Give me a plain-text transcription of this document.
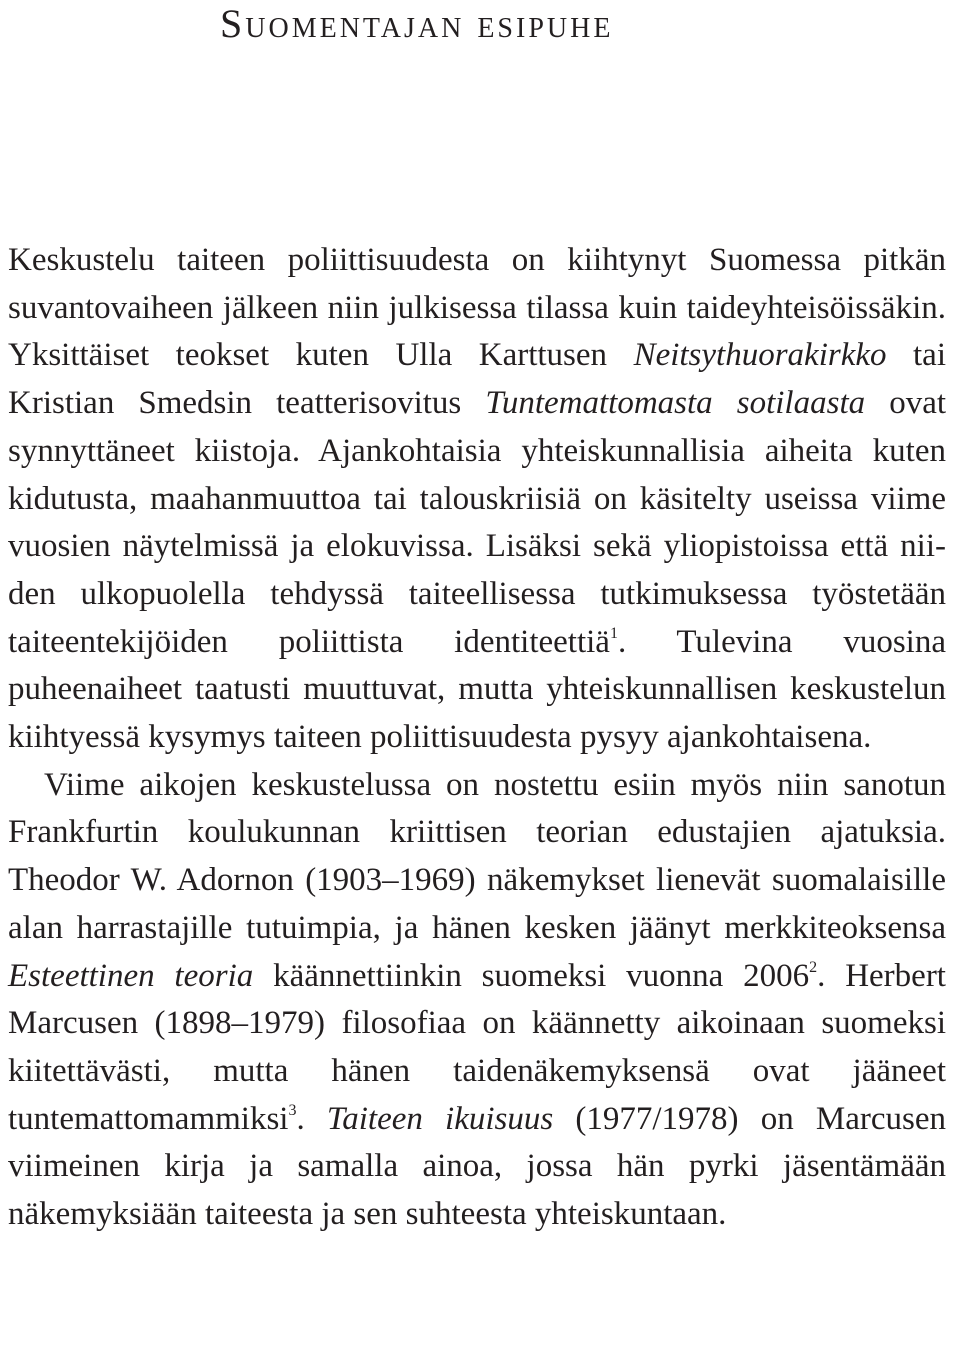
Suomentajan esipuhe

Keskustelu taiteen poliittisuudesta on kiihtynyt Suomessa pitkän suvantovaiheen jälkeen niin julkisessa tilassa kuin taideyhteisöissäkin. Yksittäiset teokset kuten Ulla Karttusen Neitsythuorakirkko tai Kristian Smedsin teatterisovitus Tuntemattomasta sotilaasta ovat synnyttäneet kiistoja. Ajankohtaisia yhteiskunnallisia aiheita kuten kidutusta, maahanmuuttoa tai talouskriisiä on käsitelty useissa viime vuosien näytelmissä ja elokuvissa. Lisäksi sekä yliopistoissa että niiden ulkopuolella tehdyssä taiteellisessa tutkimuksessa työstetään taiteentekijöiden poliittista identiteettiä$^1$. Tulevina vuosina puheenaiheet taatusti muuttuvat, mutta yhteiskunnallisen keskustelun kiihtyessä kysymys taiteen poliittisuudesta pysyy ajankohtaisena.

Viime aikojen keskustelussa on nostettu esiin myös niin sanotun Frankfurtin koulukunnan kriittisen teorian edustajien ajatuksia. Theodor W. Adornon (1903–1969) näkemykset lienevät suomalaisille alan harrastajille tutuimpia, ja hänen kesken jäänyt merkkiteoksensa Esteettinen teoria käännettiinkin suomeksi vuonna 2006$^2$. Herbert Marcusen (1898–1979) filosofiaa on käännetty aikoinaan suomeksi kiitettävästi, mutta hänen taidenäkemyksensä ovat jääneet tuntemattomammiksi$^3$. Taiteen ikuisuus (1977/1978) on Marcusen viimeinen kirja ja samalla ainoa, jossa hän pyrki jäsentämään näkemyksiään taiteesta ja sen suhteesta yhteiskuntaan.
